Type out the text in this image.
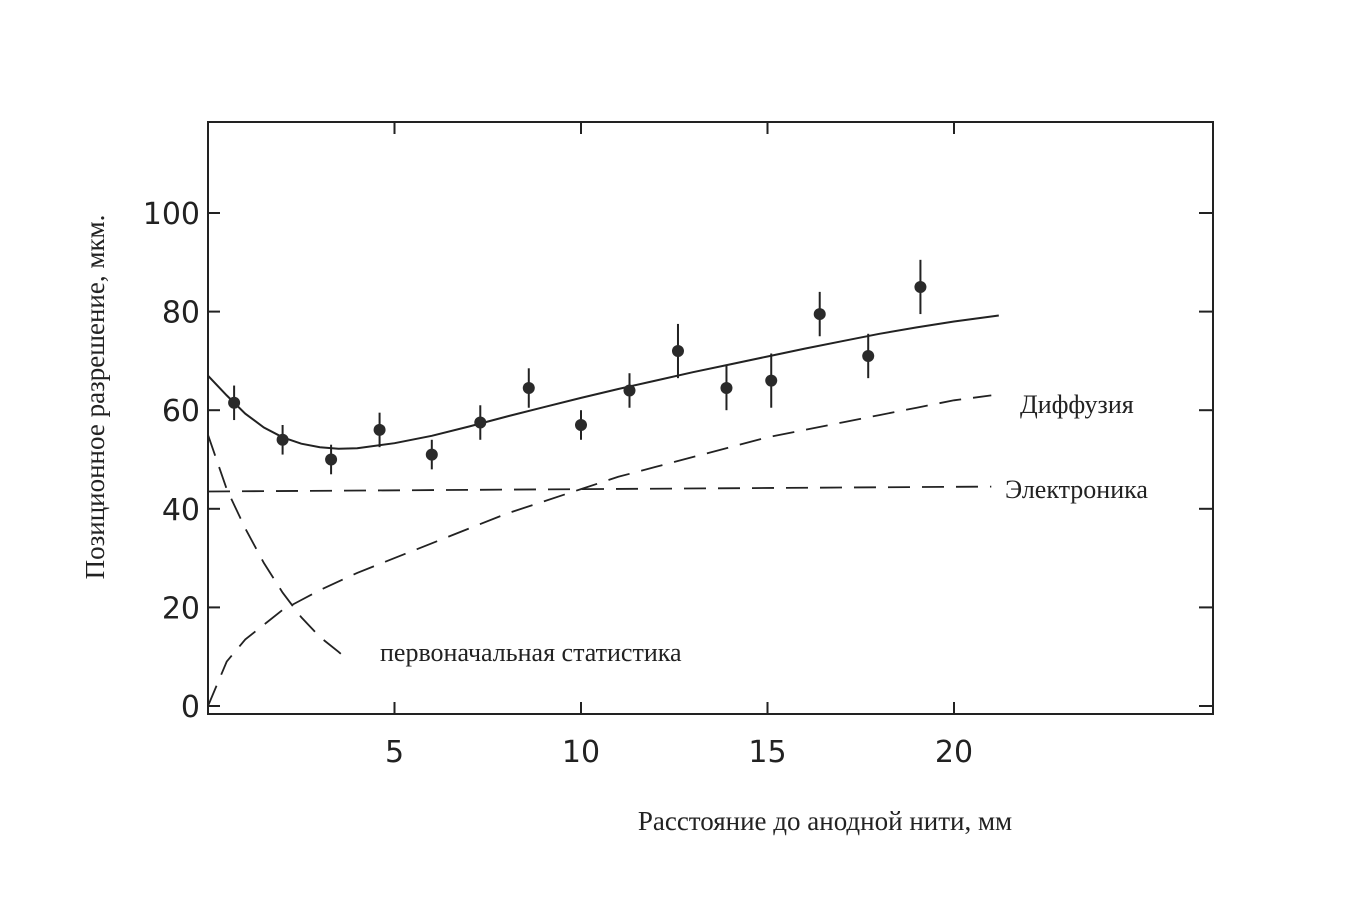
5	10	15	20
0
20
40
60
80
100
Диффузия
Электроника
первоначальная статистика
Расстояние до анодной нити, мм
Позиционное разрешение, мкм.
